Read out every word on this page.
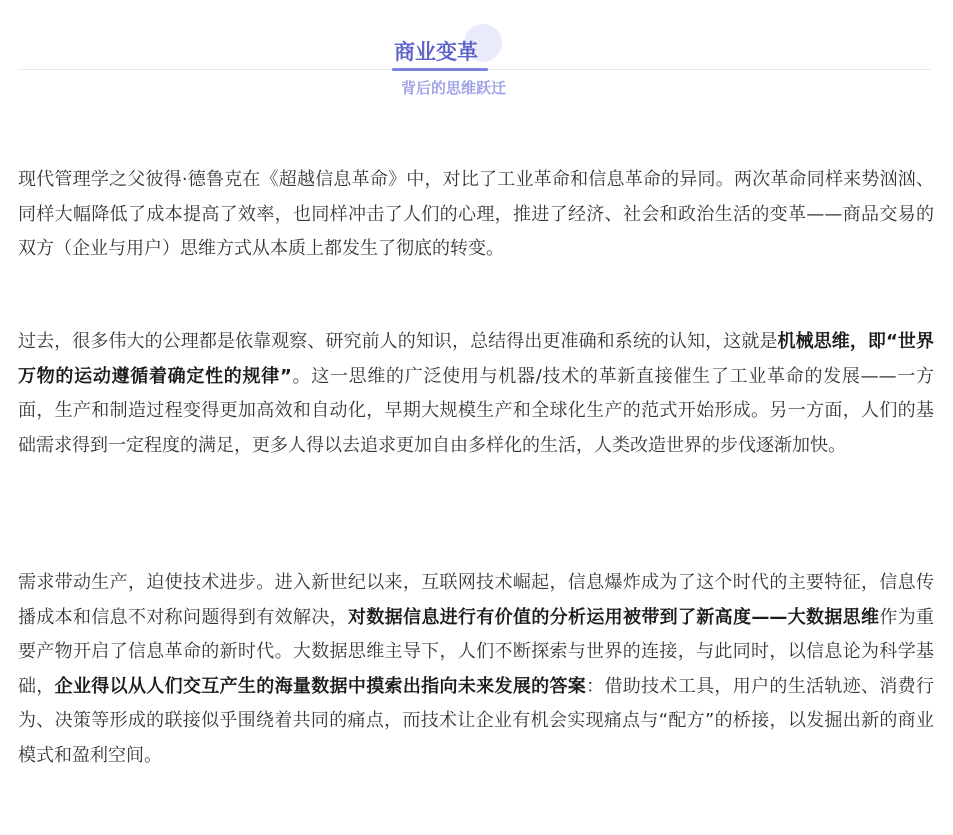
商业变革
背后的思维跃迁

现代管理学之父彼得·德鲁克在《超越信息革命》中，对比了工业革命和信息革命的异同。两次革命同样来势汹汹、同样大幅降低了成本提高了效率，也同样冲击了人们的心理，推进了经济、社会和政治生活的变革——商品交易的双方（企业与用户）思维方式从本质上都发生了彻底的转变。

过去，很多伟大的公理都是依靠观察、研究前人的知识，总结得出更准确和系统的认知，这就是机械思维，即“世界万物的运动遵循着确定性的规律”。这一思维的广泛使用与机器/技术的革新直接催生了工业革命的发展——一方面，生产和制造过程变得更加高效和自动化，早期大规模生产和全球化生产的范式开始形成。另一方面，人们的基础需求得到一定程度的满足，更多人得以去追求更加自由多样化的生活，人类改造世界的步伐逐渐加快。

需求带动生产，迫使技术进步。进入新世纪以来，互联网技术崛起，信息爆炸成为了这个时代的主要特征，信息传播成本和信息不对称问题得到有效解决，对数据信息进行有价值的分析运用被带到了新高度——大数据思维作为重要产物开启了信息革命的新时代。大数据思维主导下，人们不断探索与世界的连接，与此同时，以信息论为科学基础，企业得以从人们交互产生的海量数据中摸索出指向未来发展的答案：借助技术工具，用户的生活轨迹、消费行为、决策等形成的联接似乎围绕着共同的痛点，而技术让企业有机会实现痛点与“配方”的桥接，以发掘出新的商业模式和盈利空间。
